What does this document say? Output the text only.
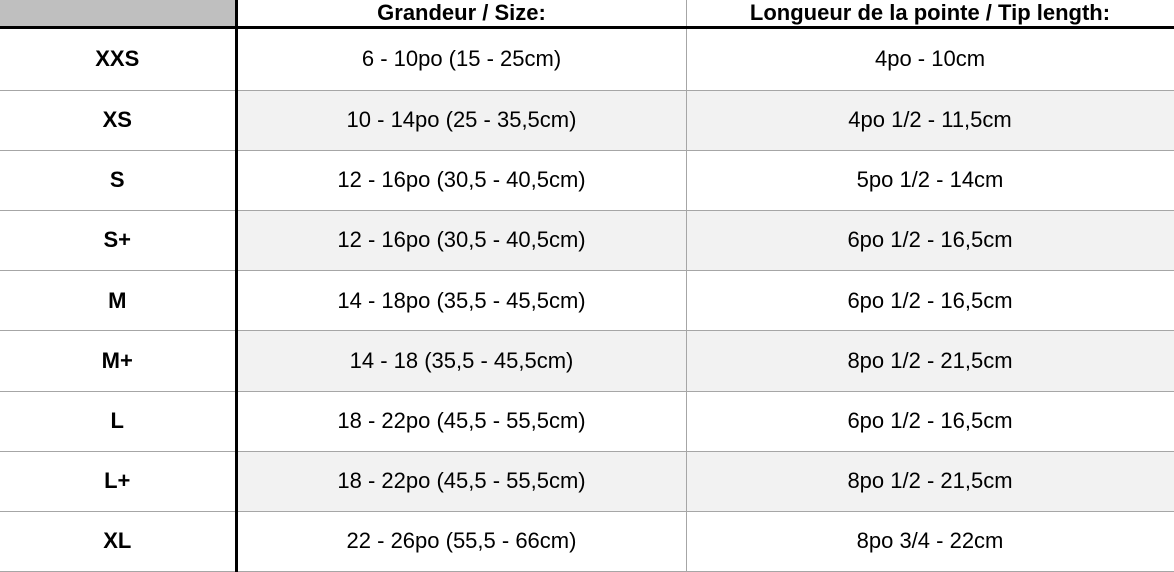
	Grandeur / Size:	Longueur de la pointe / Tip length:
XXS	6 - 10po (15 - 25cm)	4po - 10cm
XS	10 - 14po (25 - 35,5cm)	4po 1/2 - 11,5cm
S	12 - 16po (30,5 - 40,5cm)	5po 1/2 - 14cm
S+	12 - 16po (30,5 - 40,5cm)	6po 1/2 - 16,5cm
M	14 - 18po (35,5 - 45,5cm)	6po 1/2 - 16,5cm
M+	14 - 18 (35,5 - 45,5cm)	8po 1/2 - 21,5cm
L	18 - 22po (45,5 - 55,5cm)	6po 1/2 - 16,5cm
L+	18 - 22po (45,5 - 55,5cm)	8po 1/2 - 21,5cm
XL	22 - 26po (55,5 - 66cm)	8po 3/4 - 22cm
